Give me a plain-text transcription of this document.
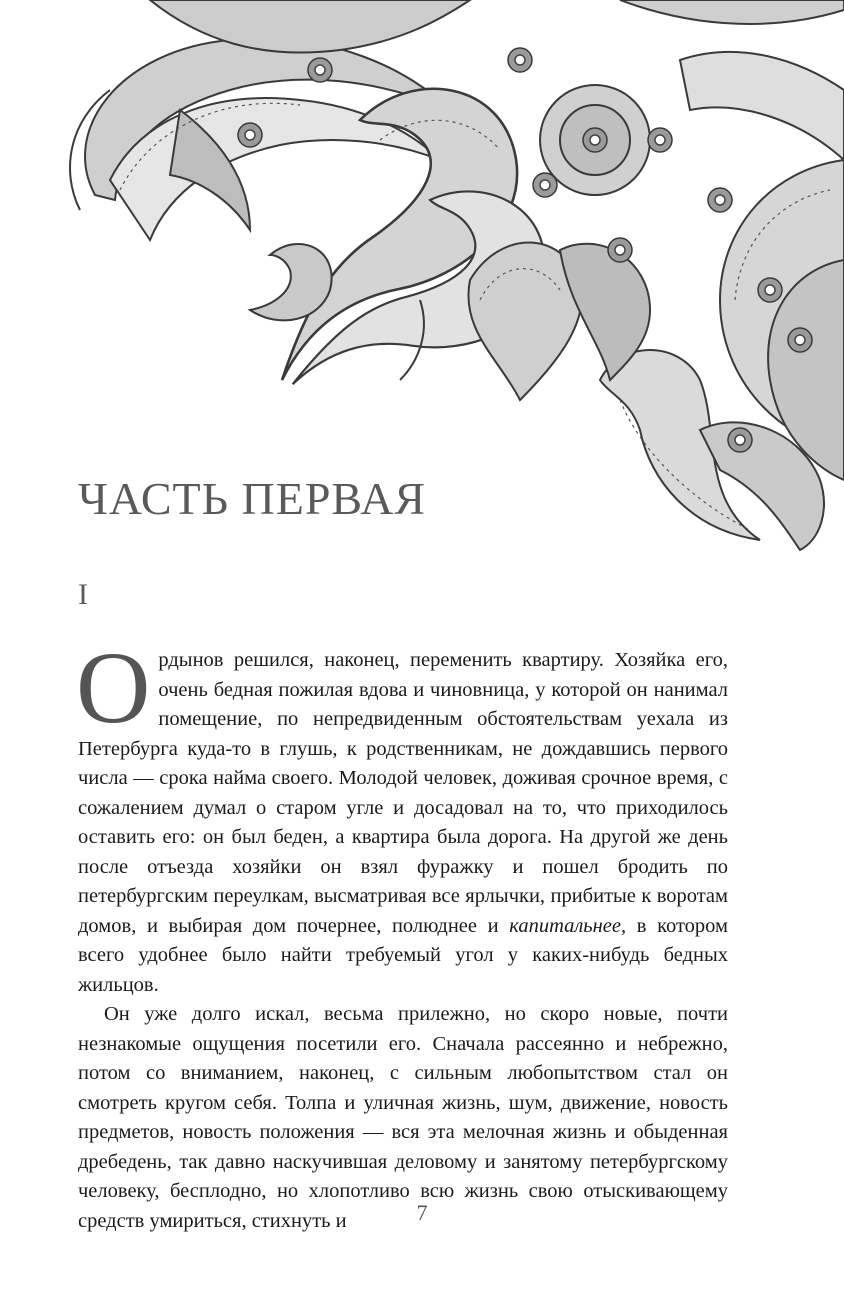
ЧАСТЬ ПЕРВАЯ
I

Ордынов решился, наконец, переменить квартиру. Хозяйка его, очень бедная пожилая вдова и чиновница, у которой он нанимал помещение, по непредвиденным обстоятельствам уехала из Петербурга куда-то в глушь, к родственникам, не дождавшись первого числа — срока найма своего. Молодой человек, доживая срочное время, с сожалением думал о старом угле и досадовал на то, что приходилось оставить его: он был беден, а квартира была дорога. На другой же день после отъезда хозяйки он взял фуражку и пошел бродить по петербургским переулкам, высматривая все ярлычки, прибитые к воротам домов, и выбирая дом почернее, полюднее и капитальнее, в котором всего удобнее было найти требуемый угол у каких-нибудь бедных жильцов.

Он уже долго искал, весьма прилежно, но скоро новые, почти незнакомые ощущения посетили его. Сначала рассеянно и небрежно, потом со вниманием, наконец, с сильным любопытством стал он смотреть кругом себя. Толпа и уличная жизнь, шум, движение, новость предметов, новость положения — вся эта мелочная жизнь и обыденная дребедень, так давно наскучившая деловому и занятому петербургскому человеку, бесплодно, но хлопотливо всю жизнь свою отыскивающему средств умириться, стихнуть и	7
